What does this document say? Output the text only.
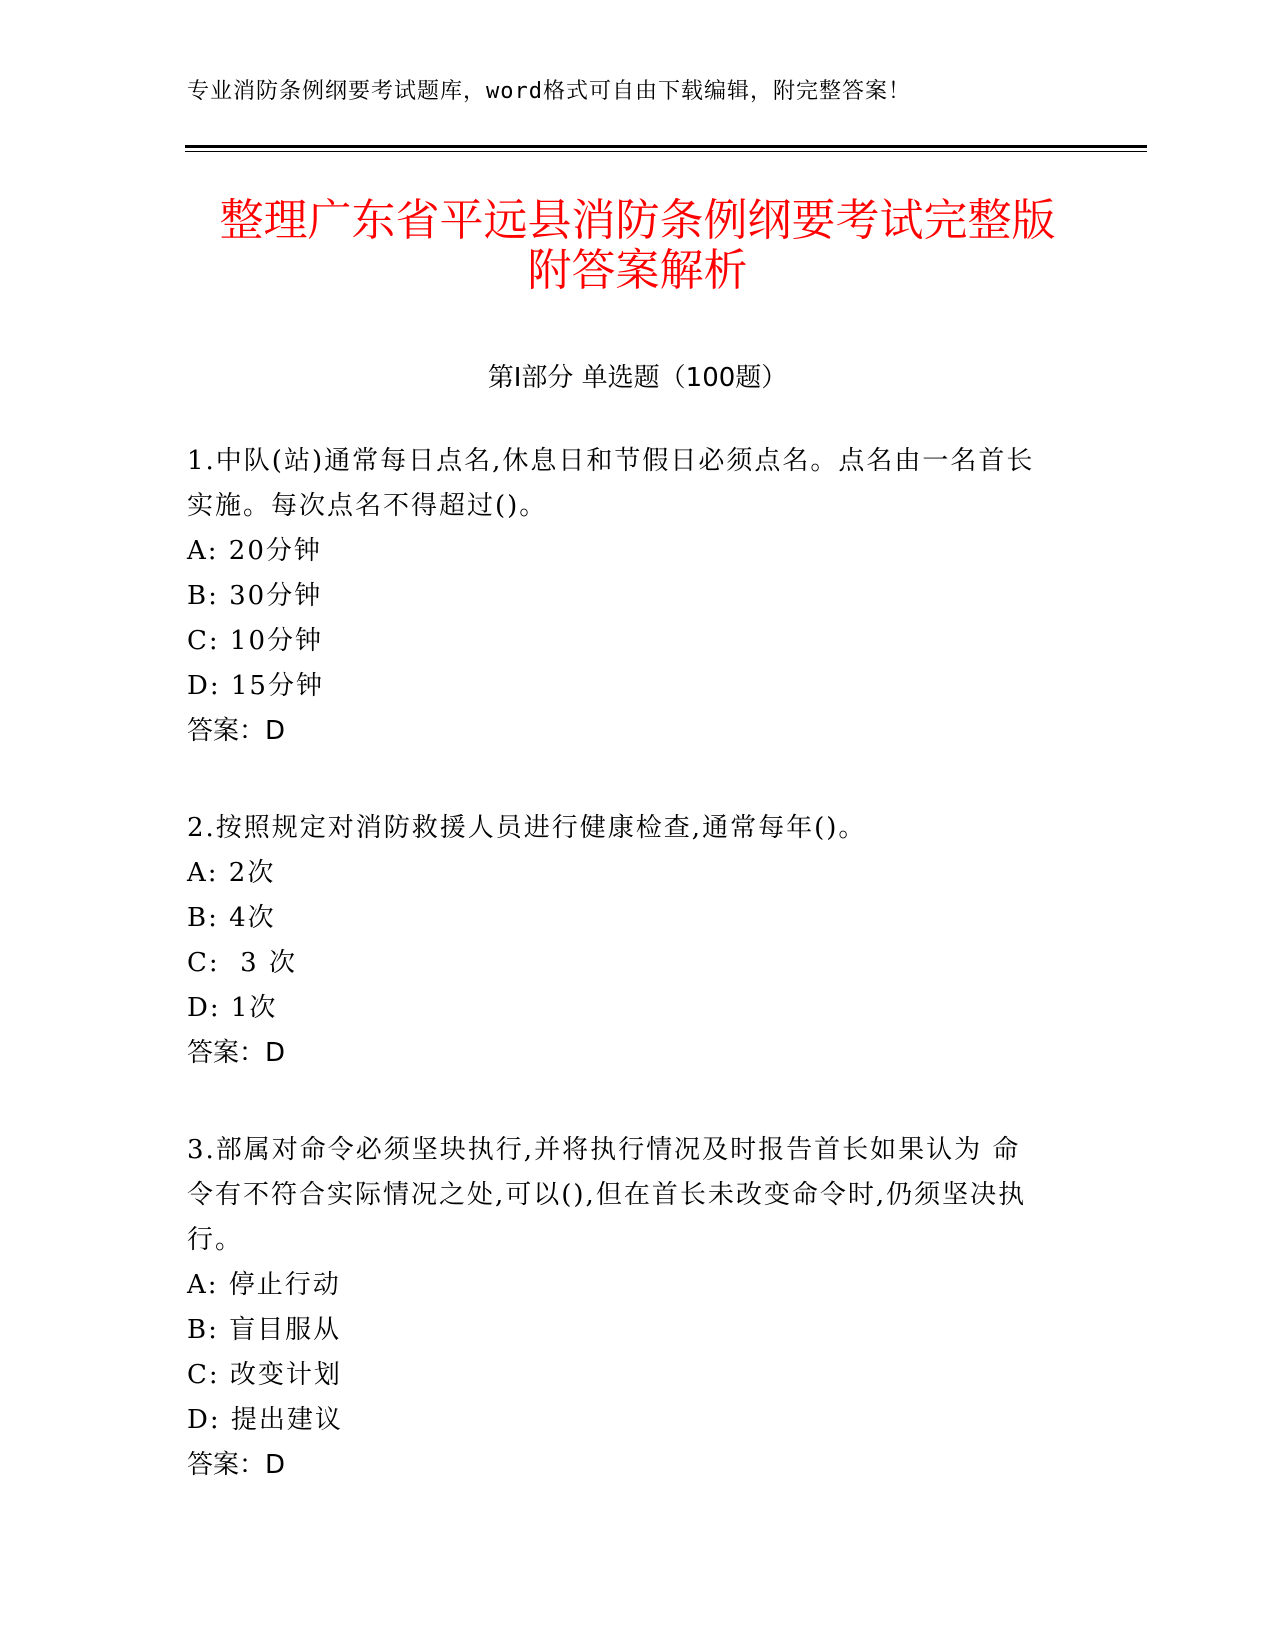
专业消防条例纲要考试题库，word格式可自由下载编辑，附完整答案！
整理广东省平远县消防条例纲要考试完整版
附答案解析
第Ⅰ部分 单选题（100题）

1.中队(站)通常每日点名,休息日和节假日必须点名。点名由一名首长

实施。每次点名不得超过()。

A: 20分钟

B: 30分钟

C: 10分钟

D: 15分钟

答案：D

2.按照规定对消防救援人员进行健康检查,通常每年()。

A: 2次

B: 4次

C:  3 次

D: 1次

答案：D

3.部属对命令必须坚块执行,并将执行情况及时报告首长如果认为 命

令有不符合实际情况之处,可以(),但在首长未改变命令时,仍须坚决执

行。

A: 停止行动

B: 盲目服从

C: 改变计划

D: 提出建议

答案：D
